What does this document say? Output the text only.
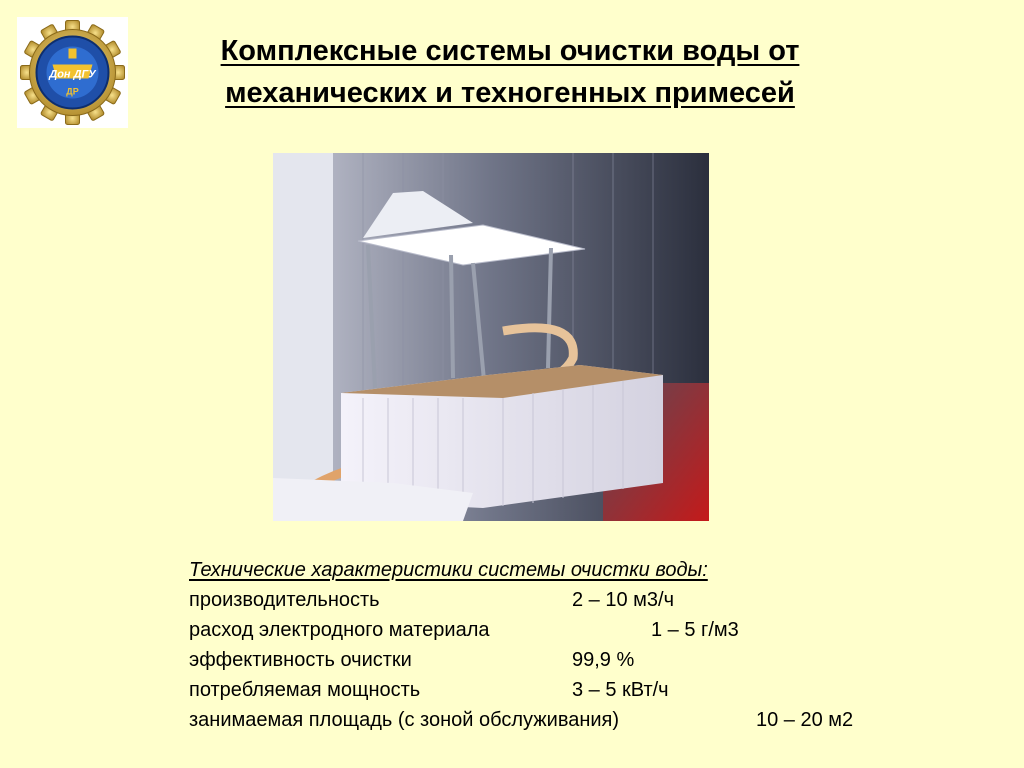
Дон ДГУ
ДР
Комплексные системы очистки воды от
механических и техногенных примесей
Технические характеристики системы очистки воды:
производительность	2 – 10 м3/ч
расход электродного материала	1 – 5 г/м3
эффективность очистки	99,9 %
потребляемая мощность	3 – 5 кВт/ч
занимаемая площадь (с зоной обслуживания)	10 – 20 м2
